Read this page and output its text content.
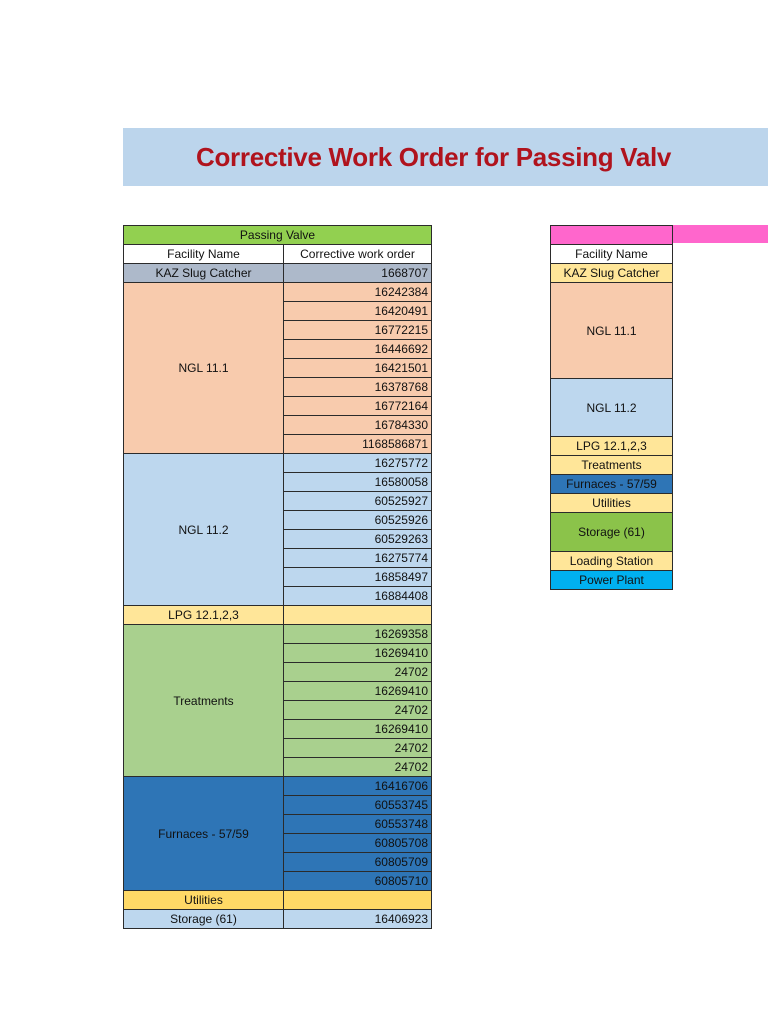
Corrective Work Order for Passing Valv
Passing Valve	
Facility Name	Corrective work order
KAZ Slug Catcher	1668707
NGL 11.1	16242384
	16420491
	16772215
	16446692
	16421501
	16378768
	16772164
	16784330
	1168586871
NGL 11.2	16275772
	16580058
	60525927
	60525926
	60529263
	16275774
	16858497
	16884408
LPG 12.1,2,3	
Treatments	16269358
	16269410
	24702
	16269410
	24702
	16269410
	24702
	24702
Furnaces - 57/59	16416706
	60553745
	60553748
	60805708
	60805709
	60805710
Utilities	
Storage (61)	16406923

Facility Name
KAZ Slug Catcher
NGL 11.1
NGL 11.2
LPG 12.1,2,3
Treatments
Furnaces - 57/59
Utilities
Storage (61)
Loading Station
Power Plant
